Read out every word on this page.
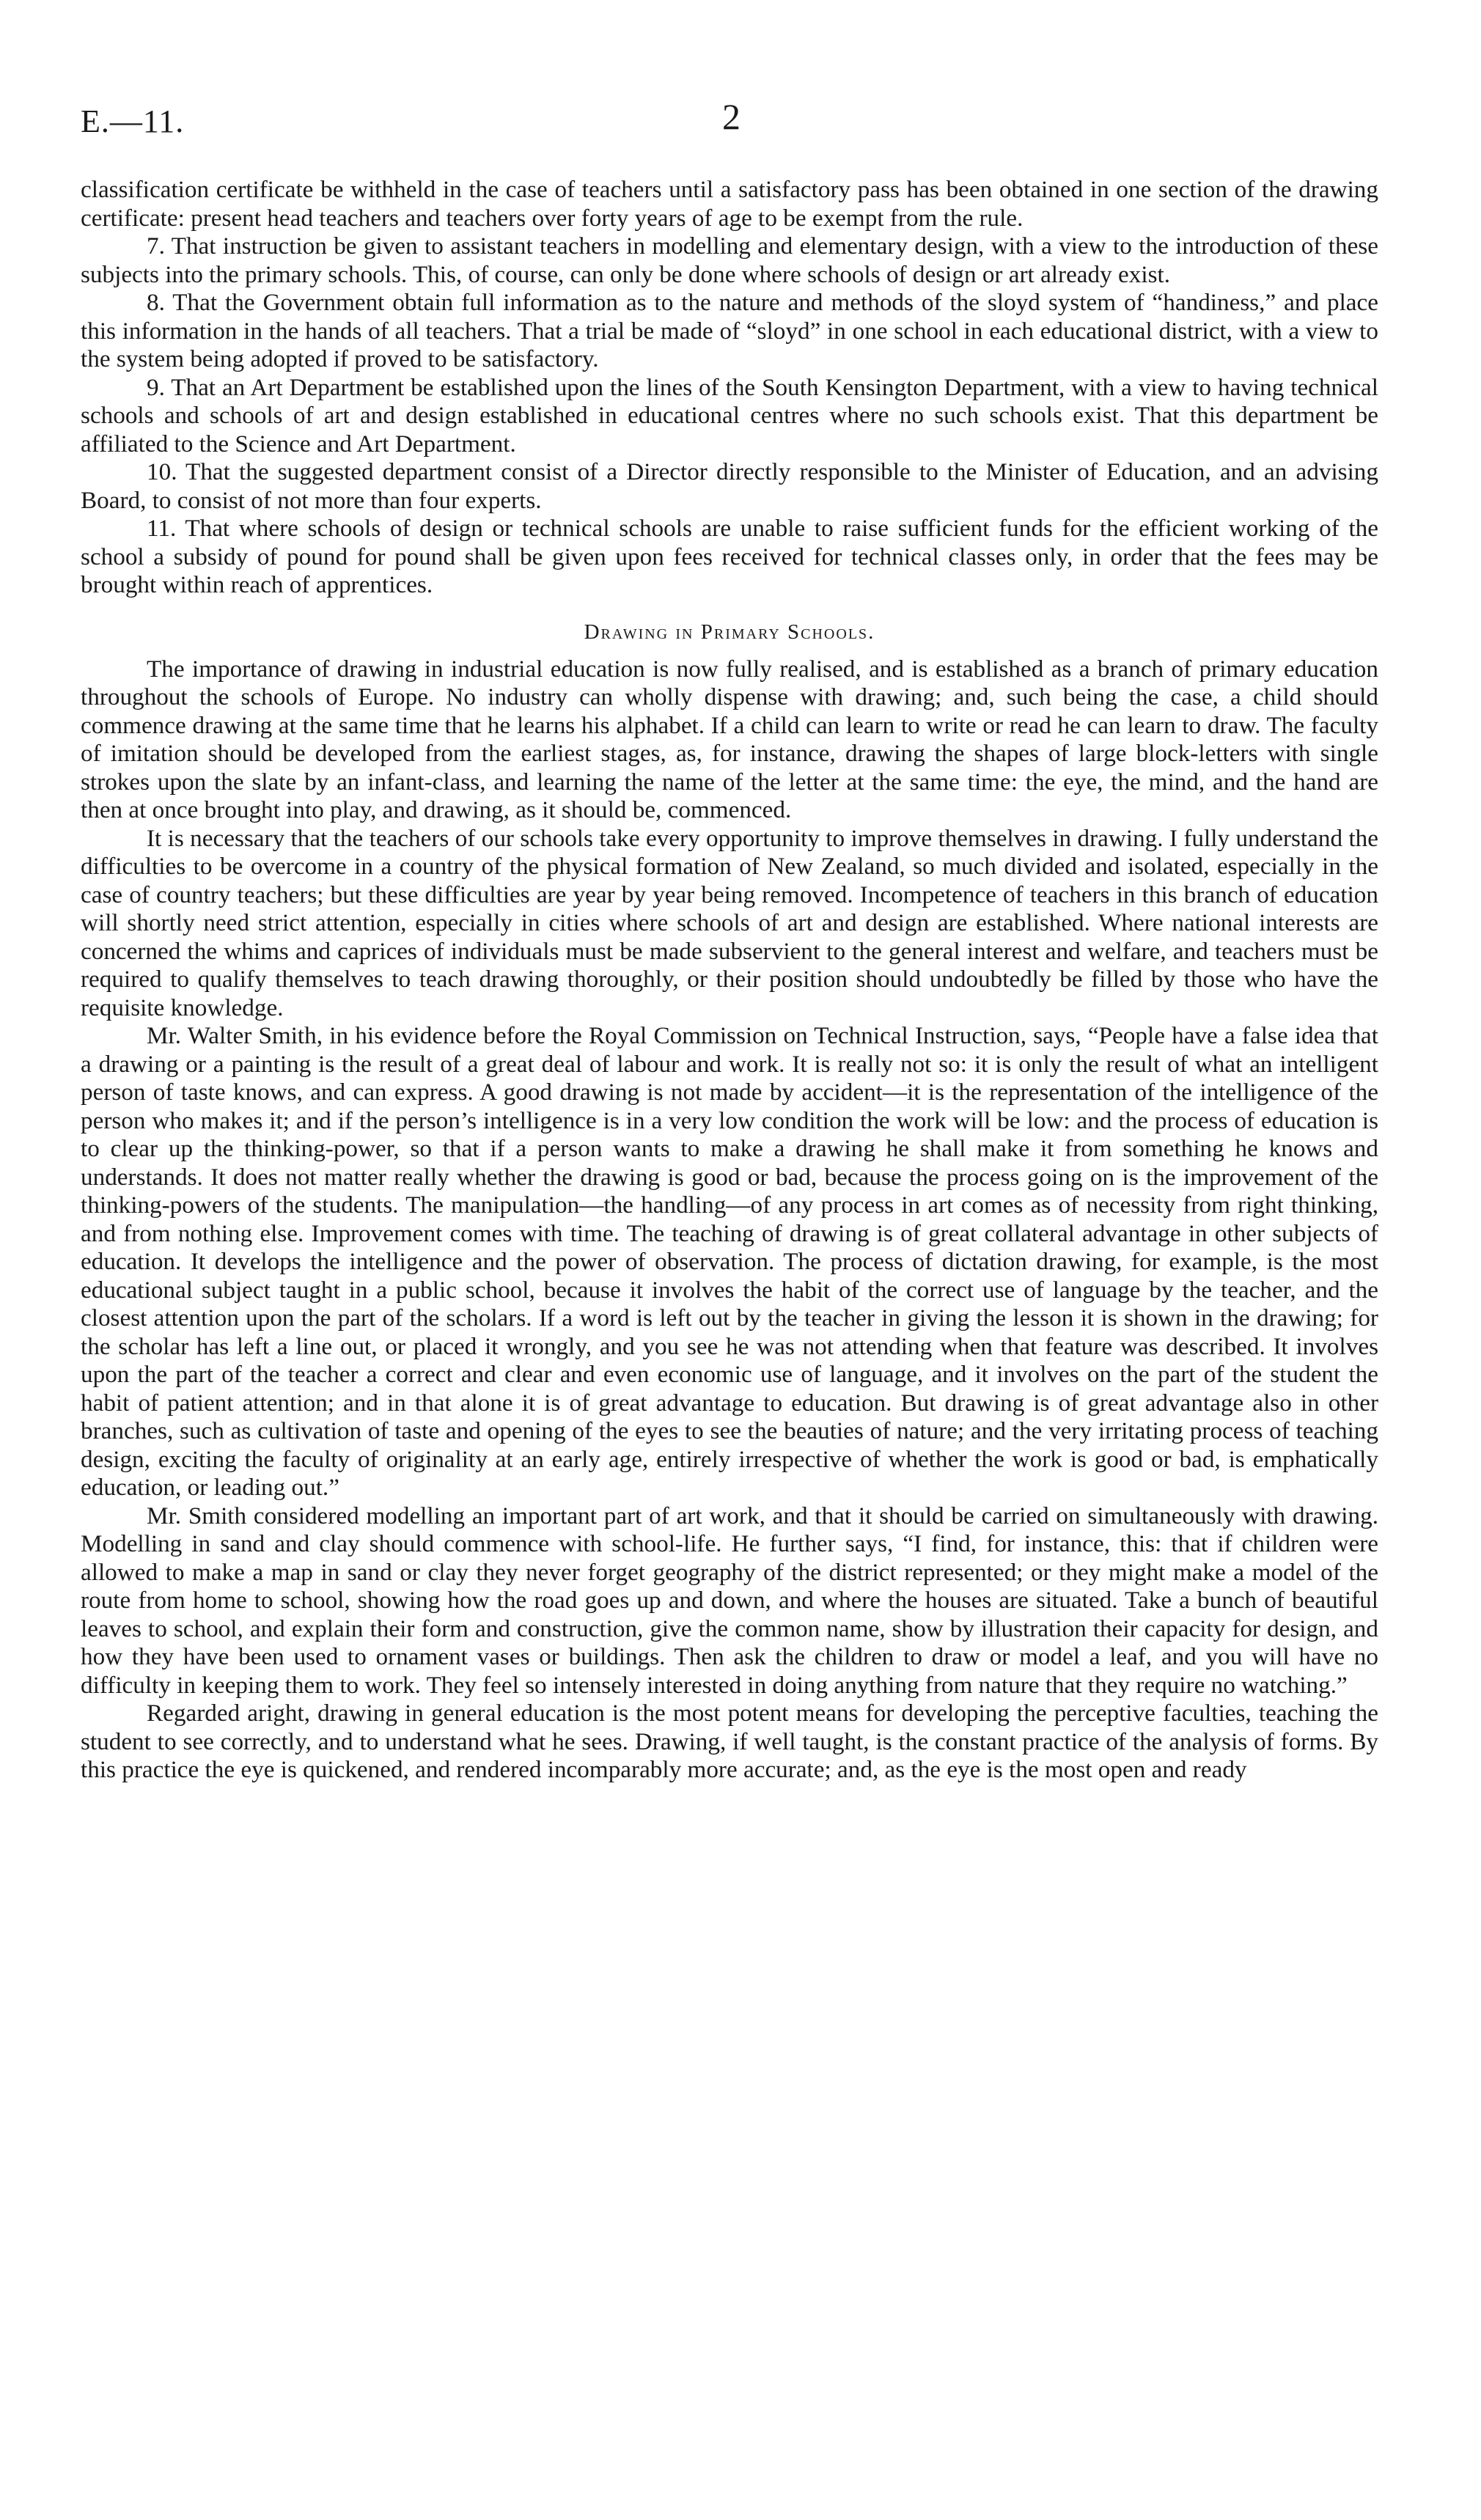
E.—11.	2

classification certificate be withheld in the case of teachers until a satisfactory pass has been obtained in one section of the drawing certificate: present head teachers and teachers over forty years of age to be exempt from the rule.

7. That instruction be given to assistant teachers in modelling and elementary design, with a view to the introduction of these subjects into the primary schools. This, of course, can only be done where schools of design or art already exist.

8. That the Government obtain full information as to the nature and methods of the sloyd system of “handiness,” and place this information in the hands of all teachers. That a trial be made of “sloyd” in one school in each educational district, with a view to the system being adopted if proved to be satisfactory.

9. That an Art Department be established upon the lines of the South Kensington Department, with a view to having technical schools and schools of art and design established in educational centres where no such schools exist. That this department be affiliated to the Science and Art Department.

10. That the suggested department consist of a Director directly responsible to the Minister of Education, and an advising Board, to consist of not more than four experts.

11. That where schools of design or technical schools are unable to raise sufficient funds for the efficient working of the school a subsidy of pound for pound shall be given upon fees received for technical classes only, in order that the fees may be brought within reach of apprentices.

Drawing in Primary Schools.

The importance of drawing in industrial education is now fully realised, and is established as a branch of primary education throughout the schools of Europe. No industry can wholly dispense with drawing; and, such being the case, a child should commence drawing at the same time that he learns his alphabet. If a child can learn to write or read he can learn to draw. The faculty of imitation should be developed from the earliest stages, as, for instance, drawing the shapes of large block-letters with single strokes upon the slate by an infant-class, and learning the name of the letter at the same time: the eye, the mind, and the hand are then at once brought into play, and drawing, as it should be, commenced.

It is necessary that the teachers of our schools take every opportunity to improve themselves in drawing. I fully understand the difficulties to be overcome in a country of the physical formation of New Zealand, so much divided and isolated, especially in the case of country teachers; but these difficulties are year by year being removed. Incompetence of teachers in this branch of education will shortly need strict attention, especially in cities where schools of art and design are established. Where national interests are concerned the whims and caprices of individuals must be made subservient to the general interest and welfare, and teachers must be required to qualify themselves to teach drawing thoroughly, or their position should undoubtedly be filled by those who have the requisite knowledge.

Mr. Walter Smith, in his evidence before the Royal Commission on Technical Instruction, says, “People have a false idea that a drawing or a painting is the result of a great deal of labour and work. It is really not so: it is only the result of what an intelligent person of taste knows, and can express. A good drawing is not made by accident—it is the representation of the intelligence of the person who makes it; and if the person’s intelligence is in a very low condition the work will be low: and the process of education is to clear up the thinking-power, so that if a person wants to make a drawing he shall make it from something he knows and understands. It does not matter really whether the drawing is good or bad, because the process going on is the improvement of the thinking-powers of the students. The manipulation—the handling—of any process in art comes as of necessity from right thinking, and from nothing else. Improvement comes with time. The teaching of drawing is of great collateral advantage in other subjects of education. It develops the intelligence and the power of observation. The process of dictation drawing, for example, is the most educational subject taught in a public school, because it involves the habit of the correct use of language by the teacher, and the closest attention upon the part of the scholars. If a word is left out by the teacher in giving the lesson it is shown in the drawing; for the scholar has left a line out, or placed it wrongly, and you see he was not attending when that feature was described. It involves upon the part of the teacher a correct and clear and even economic use of language, and it involves on the part of the student the habit of patient attention; and in that alone it is of great advantage to education. But drawing is of great advantage also in other branches, such as cultivation of taste and opening of the eyes to see the beauties of nature; and the very irritating process of teaching design, exciting the faculty of originality at an early age, entirely irrespective of whether the work is good or bad, is emphatically education, or leading out.”

Mr. Smith considered modelling an important part of art work, and that it should be carried on simultaneously with drawing. Modelling in sand and clay should commence with school-life. He further says, “I find, for instance, this: that if children were allowed to make a map in sand or clay they never forget geography of the district represented; or they might make a model of the route from home to school, showing how the road goes up and down, and where the houses are situated. Take a bunch of beautiful leaves to school, and explain their form and construction, give the common name, show by illustration their capacity for design, and how they have been used to ornament vases or buildings. Then ask the children to draw or model a leaf, and you will have no difficulty in keeping them to work. They feel so intensely interested in doing anything from nature that they require no watching.”

Regarded aright, drawing in general education is the most potent means for developing the perceptive faculties, teaching the student to see correctly, and to understand what he sees. Drawing, if well taught, is the constant practice of the analysis of forms. By this practice the eye is quickened, and rendered incomparably more accurate; and, as the eye is the most open and ready
